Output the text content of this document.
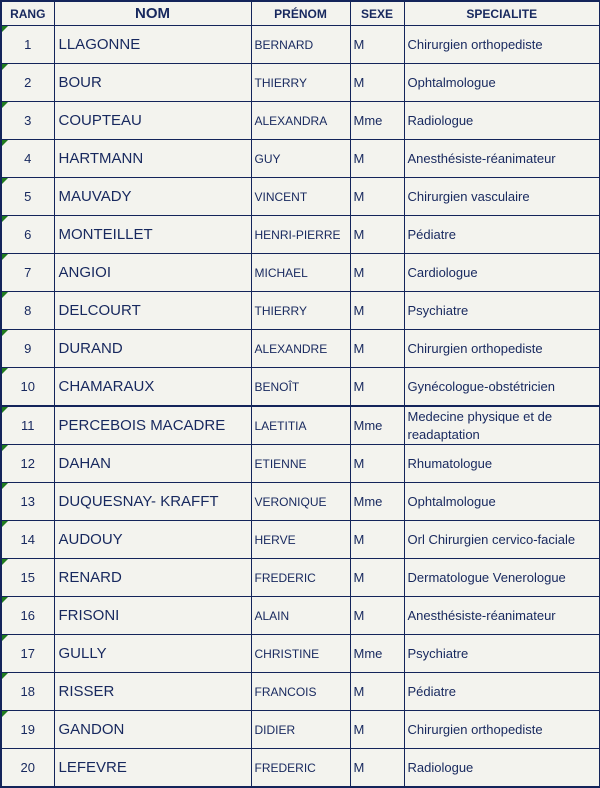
RANG	NOM	PRÉNOM	SEXE	SPECIALITE

1	LLAGONNE	BERNARD	M	Chirurgien orthopediste

2	BOUR	THIERRY	M	Ophtalmologue

3	COUPTEAU	ALEXANDRA	Mme	Radiologue

4	HARTMANN	GUY	M	Anesthésiste-réanimateur

5	MAUVADY	VINCENT	M	Chirurgien vasculaire

6	MONTEILLET	HENRI-PIERRE	M	Pédiatre

7	ANGIOI	MICHAEL	M	Cardiologue

8	DELCOURT	THIERRY	M	Psychiatre

9	DURAND	ALEXANDRE	M	Chirurgien orthopediste

10	CHAMARAUX	BENOÎT	M	Gynécologue-obstétricien

11	PERCEBOIS MACADRE	LAETITIA	Mme	Medecine physique et de readaptation

12	DAHAN	ETIENNE	M	Rhumatologue

13	DUQUESNAY- KRAFFT	VERONIQUE	Mme	Ophtalmologue

14	AUDOUY	HERVE	M	Orl Chirurgien cervico-faciale

15	RENARD	FREDERIC	M	Dermatologue Venerologue

16	FRISONI	ALAIN	M	Anesthésiste-réanimateur

17	GULLY	CHRISTINE	Mme	Psychiatre

18	RISSER	FRANCOIS	M	Pédiatre

19	GANDON	DIDIER	M	Chirurgien orthopediste
20	LEFEVRE	FREDERIC	M	Radiologue
